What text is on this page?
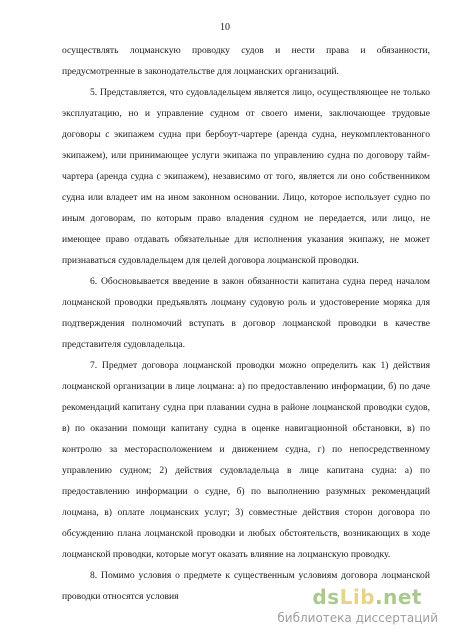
10

осуществлять лоцманскую проводку судов и нести права и обязанности, предусмотренные в законодательстве для лоцманских организаций.

5. Представляется, что судовладельцем является лицо, осуществляющее не только эксплуатацию, но и управление судном от своего имени, заключающее трудовые договоры с экипажем судна при бербоут-чартере (аренда судна, неукомплектованного экипажем), или принимающее услуги экипажа по управлению судна по договору тайм-чартера (аренда судна с экипажем), независимо от того, является ли оно собственником судна или владеет им на ином законном основании. Лицо, которое использует судно по иным договорам, по которым право владения судном не передается, или лицо, не имеющее право отдавать обязательные для исполнения указания экипажу, не может признаваться судовладельцем для целей договора лоцманской проводки.

6. Обосновывается введение в закон обязанности капитана судна перед началом лоцманской проводки предъявлять лоцману судовую роль и удостоверение моряка для подтверждения полномочий вступать в договор лоцманской проводки в качестве представителя судовладельца.

7. Предмет договора лоцманской проводки можно определить как 1) действия лоцманской организации в лице лоцмана: а) по предоставлению информации, б) по даче рекомендаций капитану судна при плавании судна в районе лоцманской проводки судов, в) по оказании помощи капитану судна в оценке навигационной обстановки, в) по контролю за месторасположением и движением судна, г) по непосредственному управлению судном; 2) действия судовладельца в лице капитана судна: а) по предоставлению информации о судне, б) по выполнению разумных рекомендаций лоцмана, в) оплате лоцманских услуг; 3) совместные действия сторон договора по обсуждению плана лоцманской проводки и любых обстоятельств, возникающих в ходе лоцманской проводки, которые могут оказать влияние на лоцманскую проводку.

8. Помимо условия о предмете к существенным условиям договора лоцманской проводки относятся условия	dsLib.net
библиотека диссертаций
